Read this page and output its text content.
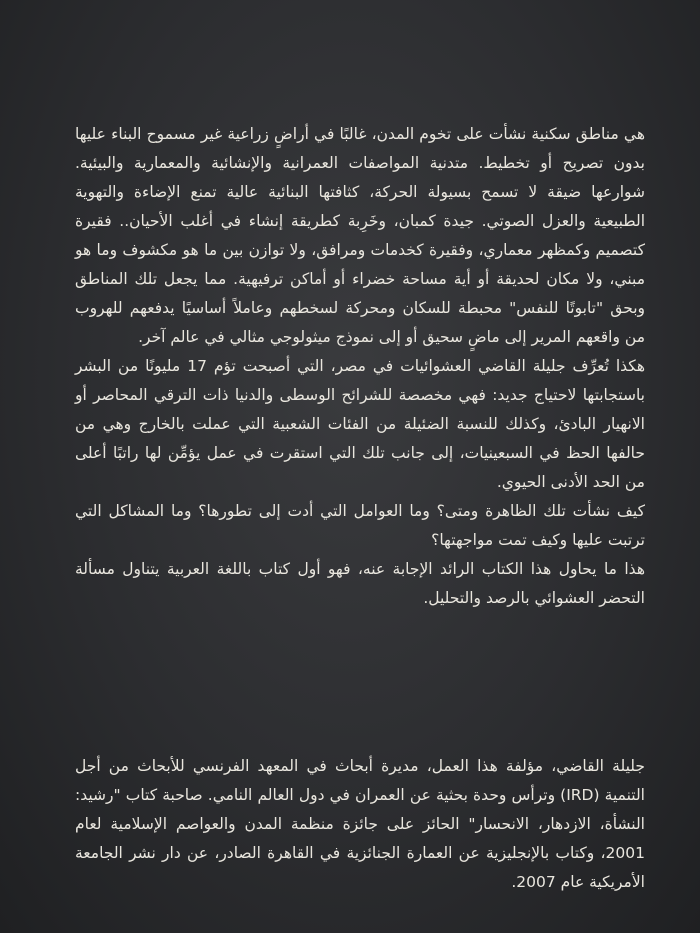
هي مناطق سكنية نشأت على تخوم المدن، غالبًا في أراضٍ زراعية غير مسموح البناء عليها بدون تصريح أو تخطيط. متدنية المواصفات العمرانية والإنشائية والمعمارية والبيئية. شوارعها ضيقة لا تسمح بسيولة الحركة، كثافتها البنائية عالية تمنع الإضاءة والتهوية الطبيعية والعزل الصوتي. جيدة كمبان، وخَرِبة كطريقة إنشاء في أغلب الأحيان.. فقيرة كتصميم وكمظهر معماري، وفقيرة كخدمات ومرافق، ولا توازن بين ما هو مكشوف وما هو مبني، ولا مكان لحديقة أو أية مساحة خضراء أو أماكن ترفيهية. مما يجعل تلك المناطق وبحق "تابوتًا للنفس" محبطة للسكان ومحركة لسخطهم وعاملاً أساسيًا يدفعهم للهروب من واقعهم المرير إلى ماضٍ سحيق أو إلى نموذج ميثولوجي مثالي في عالم آخر.

هكذا تُعرِّف جليلة القاضي العشوائيات في مصر، التي أصبحت تؤم 17 مليونًا من البشر باستجابتها لاحتياج جديد: فهي مخصصة للشرائح الوسطى والدنيا ذات الترقي المحاصر أو الانهيار البادئ، وكذلك للنسبة الضئيلة من الفئات الشعبية التي عملت بالخارج وهي من حالفها الحظ في السبعينيات، إلى جانب تلك التي استقرت في عمل يؤمِّن لها راتبًا أعلى من الحد الأدنى الحيوي.

كيف نشأت تلك الظاهرة ومتى؟ وما العوامل التي أدت إلى تطورها؟ وما المشاكل التي ترتبت عليها وكيف تمت مواجهتها؟

هذا ما يحاول هذا الكتاب الرائد الإجابة عنه، فهو أول كتاب باللغة العربية يتناول مسألة التحضر العشوائي بالرصد والتحليل.

جليلة القاضي، مؤلفة هذا العمل، مديرة أبحاث في المعهد الفرنسي للأبحاث من أجل التنمية (IRD) وترأس وحدة بحثية عن العمران في دول العالم النامي. صاحبة كتاب "رشيد: النشأة، الازدهار، الانحسار" الحائز على جائزة منظمة المدن والعواصم الإسلامية لعام 2001، وكتاب بالإنجليزية عن العمارة الجنائزية في القاهرة الصادر، عن دار نشر الجامعة الأمريكية عام 2007.
